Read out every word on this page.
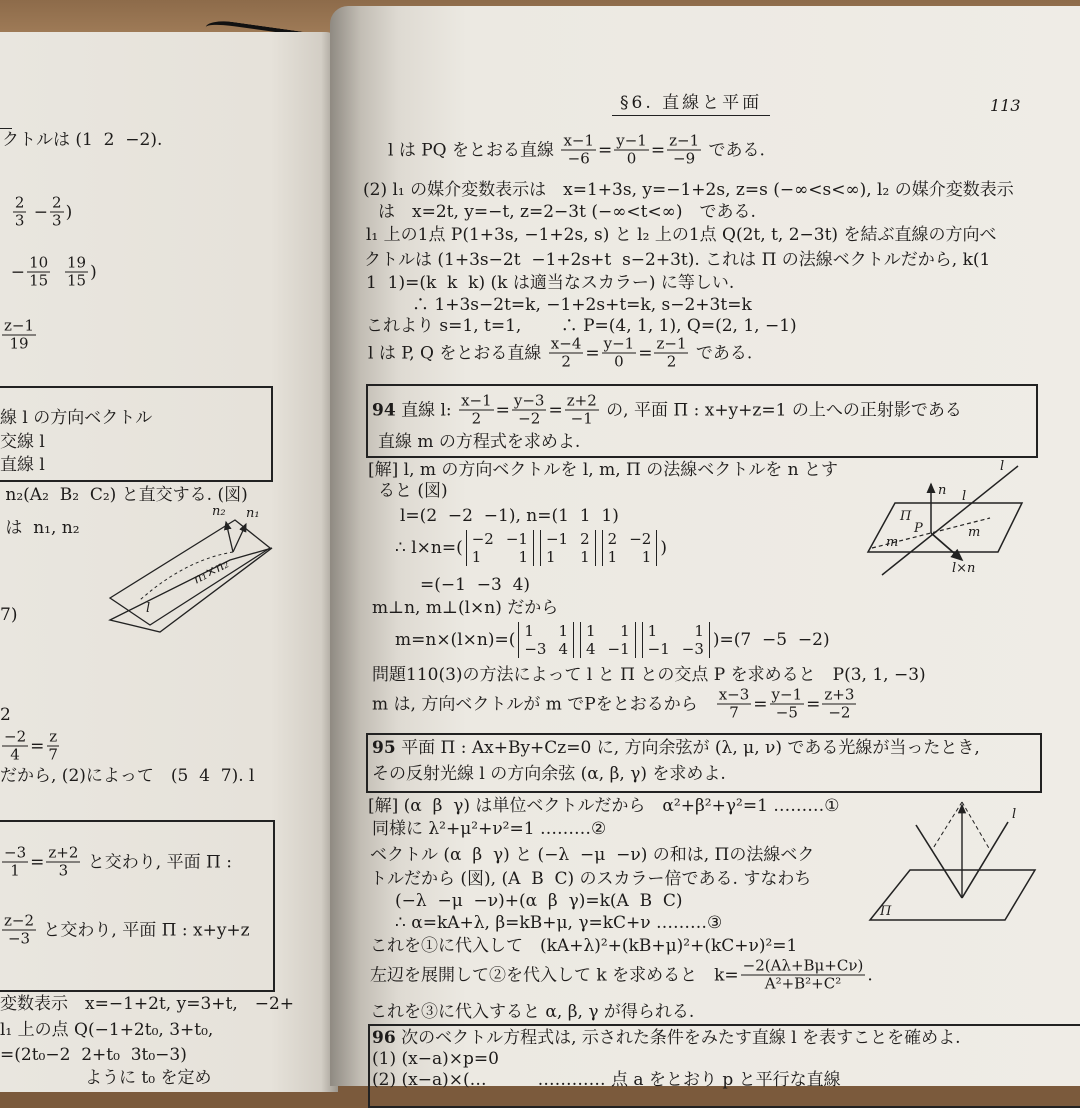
§6. 直線と平面	113
l は PQ をとおる直線 $\frac{x-1}{-6} = \frac{y-1}{0} = \frac{z-1}{-9}$ である.
(2) l₁ の媒介変数表示は　x=1+3s, y=−1+2s, z=s (−∞<s<∞), l₂ の媒介変数表示
は　x=2t, y=−t, z=2−3t (−∞<t<∞)　である.
l₁ 上の1点 P(1+3s, −1+2s, s) と l₂ 上の1点 Q(2t, t, 2−3t) を結ぶ直線の方向べ
クトルは (1+3s−2t  −1+2s+t  s−2+3t). これは Π の法線ベクトルだから, k(1
1  1)=(k  k  k) (k は適当なスカラー) に等しい.
　∴ 1+3s−2t=k, −1+2s+t=k, s−2+3t=k
これより s=1, t=1,　　 ∴ P=(4, 1, 1), Q=(2, 1, −1)
l は P, Q をとおる直線 $\frac{x-4}{2} = \frac{y-1}{0} = \frac{z-1}{2}$ である.
94 直線 l: $\frac{x-1}{2} = \frac{y-3}{-2} = \frac{z+2}{-1}$ の, 平面 Π : x+y+z=1 の上への正射影である
直線 m の方程式を求めよ.
[解] l, m の方向ベクトルを l, m, Π の法線ベクトルを n とす
ると (図)
l=(2  −2  −1), n=(1  1  1)
∴ l×n=( −2 −1
1 1
−1 2
1 1
2 −2
1 1 )
=(−1  −3  4)
m⊥n, m⊥(l×n) だから
m=n×(l×n)=( 1 1
−3 4
1 1
4 −1
1 1
−1 −3 )=(7  −5  −2)
問題110(3)の方法によって l と Π との交点 P を求めると　P(3, 1, −3)
m は, 方向ベクトルが m でPをとおるから　 $\frac{x-3}{7} = \frac{y-1}{-5} = \frac{z+3}{-2}$
95 平面 Π : Ax+By+Cz=0 に, 方向余弦が (λ, μ, ν) である光線が当ったとき,
その反射光線 l の方向余弦 (α, β, γ) を求めよ.
[解] (α  β  γ) は単位ベクトルだから　α²+β²+γ²=1 ………①
同様に λ²+μ²+ν²=1 ………②
ベクトル (α  β  γ) と (−λ  −μ  −ν) の和は, Πの法線ベク
トルだから (図), (A  B  C) のスカラー倍である. すなわち
(−λ  −μ  −ν)+(α  β  γ)=k(A  B  C)
∴ α=kA+λ, β=kB+μ, γ=kC+ν ………③
これを①に代入して　(kA+λ)²+(kB+μ)²+(kC+ν)²=1
左辺を展開して②を代入して k を求めると　$k= \frac{-2(A\lambda+B\mu+C\nu)}{\text{A²+B²+C²}}$ .
これを③に代入すると α, β, γ が得られる.
96 次のベクトル方程式は, 示された条件をみたす直線 l を表すことを確めよ.
(1) (x−a)×p=0
(2) (x−a)×(…　　　………… 点 a をとおり p と平行な直線
クトルは (1  2  −2).

$\frac{2}{3} - \frac{2}{3}$ )
− $\frac{10}{15}$
$\frac{19}{15}$ )
$\frac{z-1}{19}$
線 l の方向ベクトル
交線 l
直線 l
n₂(A₂  B₂  C₂) と直交する. (図)
は  n₁, n₂
7)
2
$\frac{-2}{4} = \frac{z}{7}$
だから, (2)によって　(5  4  7). l
$\frac{-3}{1} = \frac{z+2}{3}$ と交わり, 平面 Π :
$\frac{z-2}{-3}$ と交わり, 平面 Π : x+y+z
変数表示　x=−1+2t, y=3+t,　−2+
l₁ 上の点 Q(−1+2t₀, 3+t₀,
=(2t₀−2  2+t₀  3t₀−3)
　　　　　ように t₀ を定め
n
l
l
Π
P
m
m
l×n
Π
l
n₂ n₁
n₁×n₂
l
